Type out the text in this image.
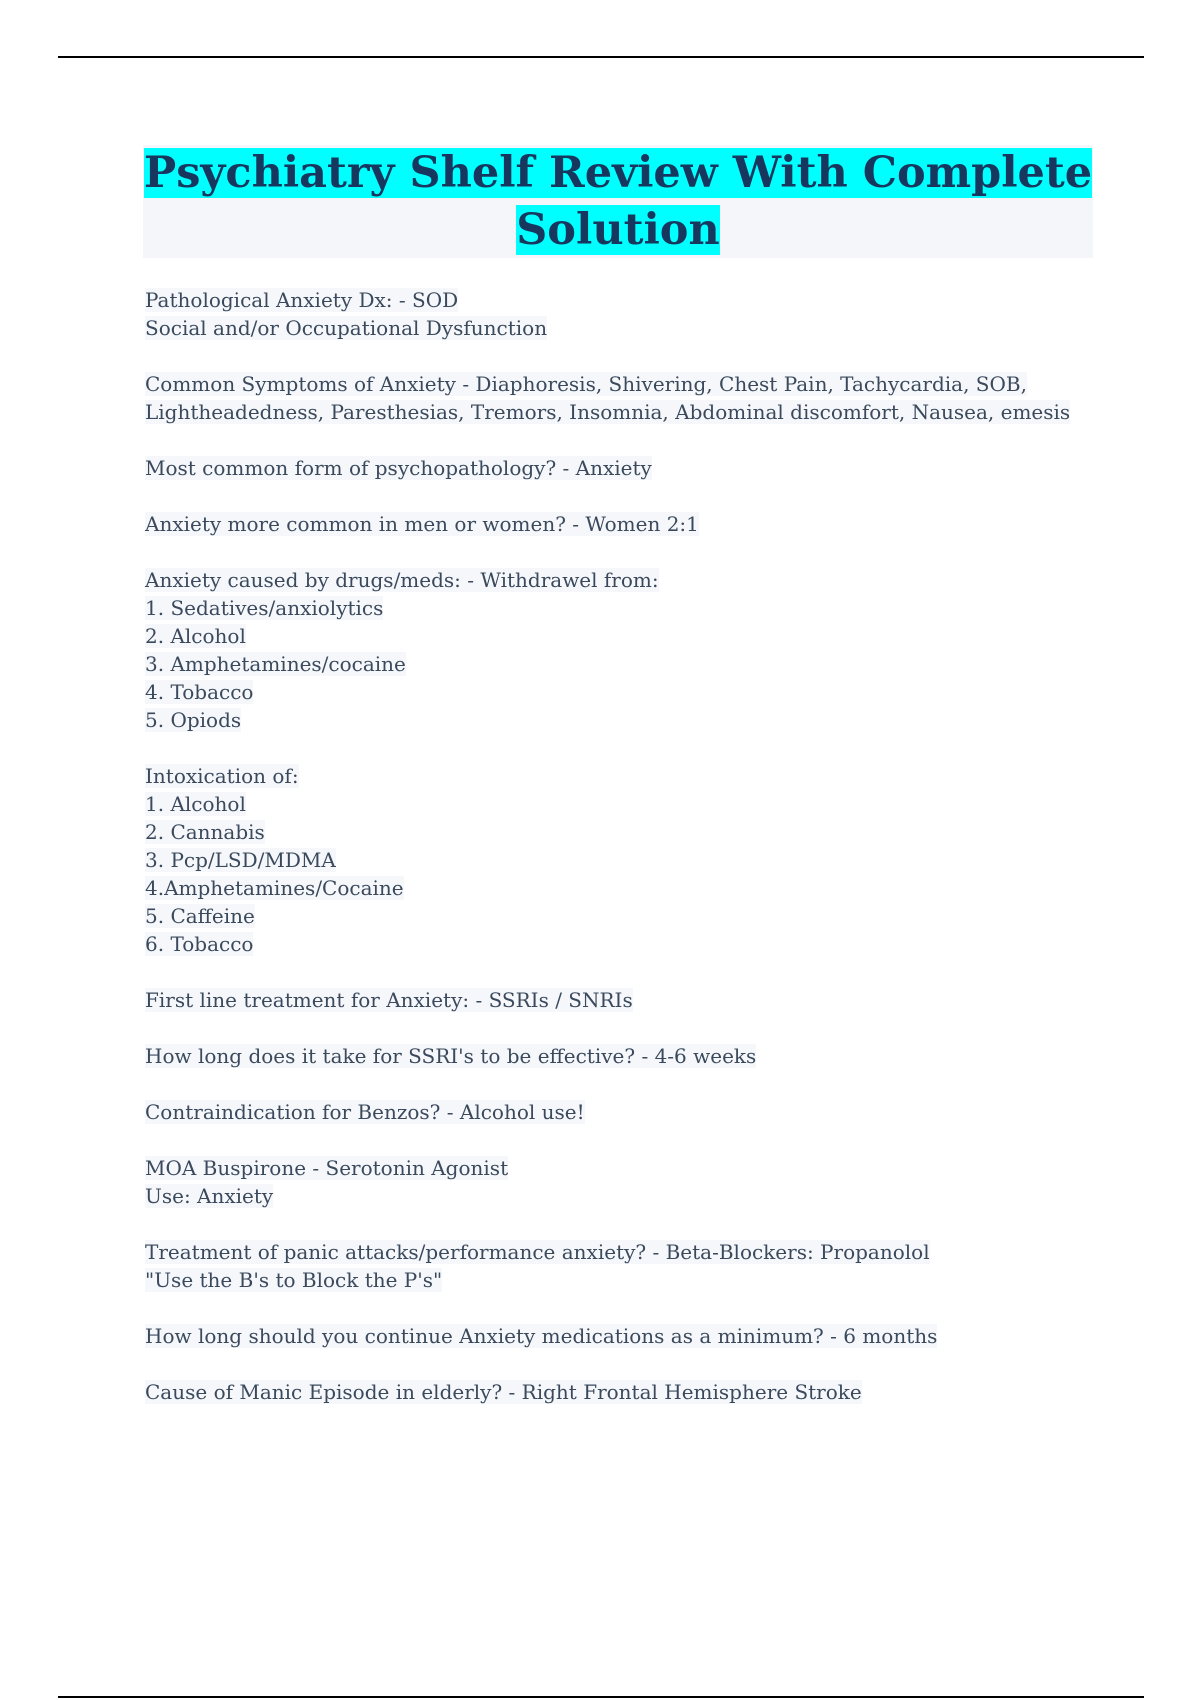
Psychiatry Shelf Review With Complete
Solution
Pathological Anxiety Dx: - SOD
Social and/or Occupational Dysfunction
Common Symptoms of Anxiety - Diaphoresis, Shivering, Chest Pain, Tachycardia, SOB,
Lightheadedness, Paresthesias, Tremors, Insomnia, Abdominal discomfort, Nausea, emesis
Most common form of psychopathology? - Anxiety
Anxiety more common in men or women? - Women 2:1
Anxiety caused by drugs/meds: - Withdrawel from:
1. Sedatives/anxiolytics
2. Alcohol
3. Amphetamines/cocaine
4. Tobacco
5. Opiods
Intoxication of:
1. Alcohol
2. Cannabis
3. Pcp/LSD/MDMA
4.Amphetamines/Cocaine
5. Caffeine
6. Tobacco
First line treatment for Anxiety: - SSRIs / SNRIs
How long does it take for SSRI's to be effective? - 4-6 weeks
Contraindication for Benzos? - Alcohol use!
MOA Buspirone - Serotonin Agonist
Use: Anxiety
Treatment of panic attacks/performance anxiety? - Beta-Blockers: Propanolol
"Use the B's to Block the P's"
How long should you continue Anxiety medications as a minimum? - 6 months
Cause of Manic Episode in elderly? - Right Frontal Hemisphere Stroke
